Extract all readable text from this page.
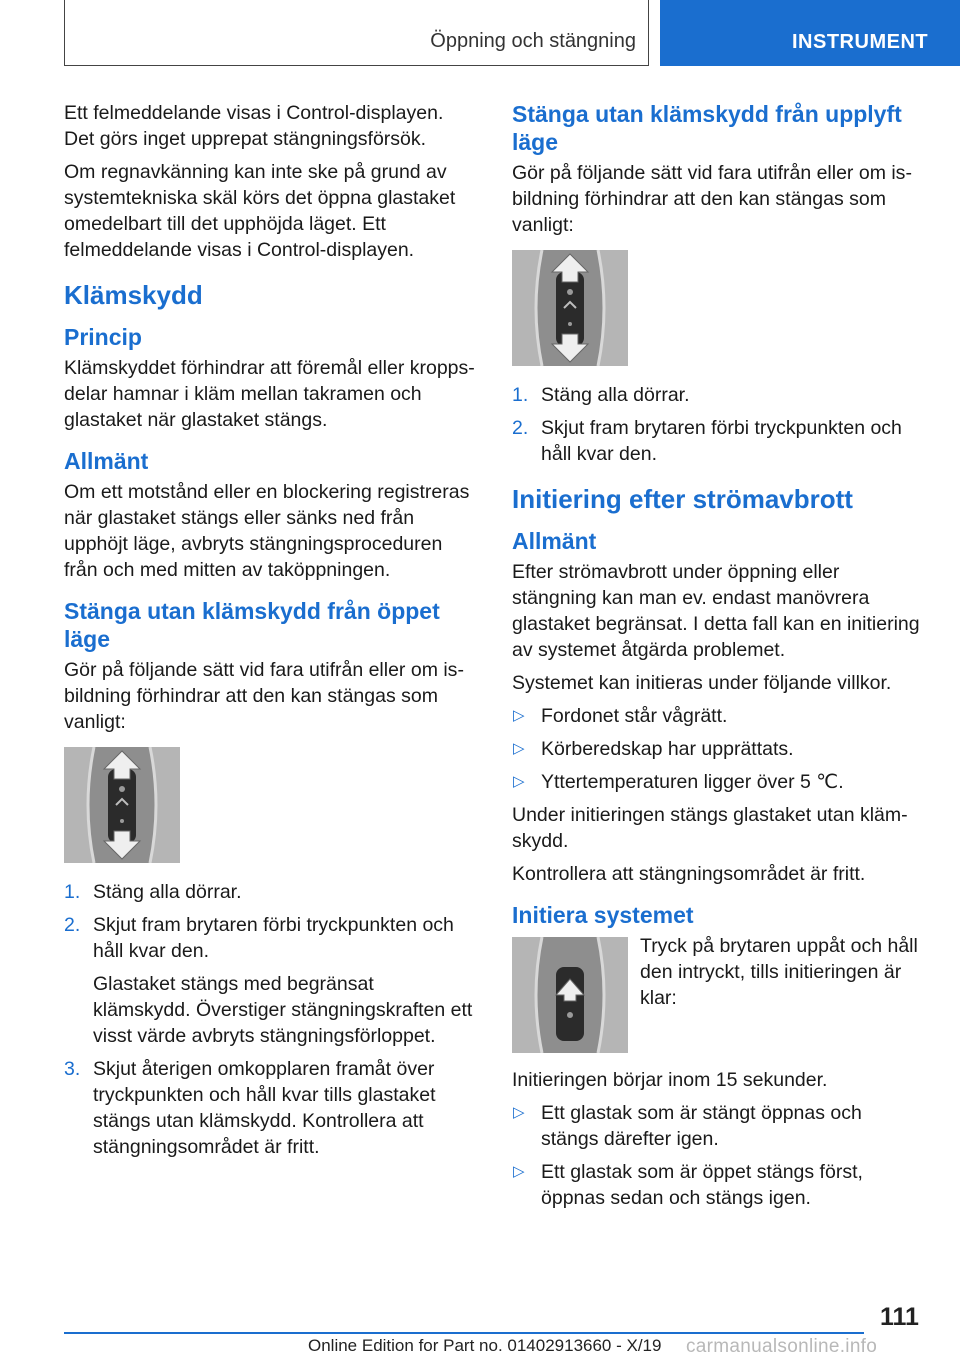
Öppning och stängning	INSTRUMENT

Ett felmeddelande visas i Control-displayen. Det görs inget upprepat stängningsförsök.

Om regnavkänning kan inte ske på grund av systemtekniska skäl körs det öppna glastaket omedelbart till det upphöjda läget. Ett felmeddelande visas i Control-displayen.

Klämskydd
Princip

Klämskyddet förhindrar att föremål eller kroppsdelar hamnar i kläm mellan takramen och glastaket när glastaket stängs.

Allmänt

Om ett motstånd eller en blockering registreras när glastaket stängs eller sänks ned från upphöjt läge, avbryts stängningsproceduren från och med mitten av taköppningen.

Stänga utan klämskydd från öppet läge

Gör på följande sätt vid fara utifrån eller om isbildning förhindrar att den kan stängas som vanligt:

1. Stäng alla dörrar.
2. Skjut fram brytaren förbi tryckpunkten och håll kvar den.
Glastaket stängs med begränsat klämskydd. Överstiger stängningskraften ett visst värde avbryts stängningsförloppet.
3. Skjut återigen omkopplaren framåt över tryckpunkten och håll kvar tills glastaket stängs utan klämskydd. Kontrollera att stängningsområdet är fritt.
Stänga utan klämskydd från upplyft läge

Gör på följande sätt vid fara utifrån eller om isbildning förhindrar att den kan stängas som vanligt:

1. Stäng alla dörrar.
2. Skjut fram brytaren förbi tryckpunkten och håll kvar den.
Initiering efter strömavbrott
Allmänt

Efter strömavbrott under öppning eller stängning kan man ev. endast manövrera glastaket begränsat. I detta fall kan en initiering av systemet åtgärda problemet.

Systemet kan initieras under följande villkor.

▷ Fordonet står vågrätt.
▷ Körberedskap har upprättats.
▷ Yttertemperaturen ligger över 5 ℃.

Under initieringen stängs glastaket utan klämskydd.

Kontrollera att stängningsområdet är fritt.

Initiera systemet

Tryck på brytaren uppåt och håll den intryckt, tills initieringen är klar:

Initieringen börjar inom 15 sekunder.

▷ Ett glastak som är stängt öppnas och stängs därefter igen.
▷ Ett glastak som är öppet stängs först, öppnas sedan och stängs igen.
111
Online Edition for Part no. 01402913660 - X/19 carmanualsonline.info
